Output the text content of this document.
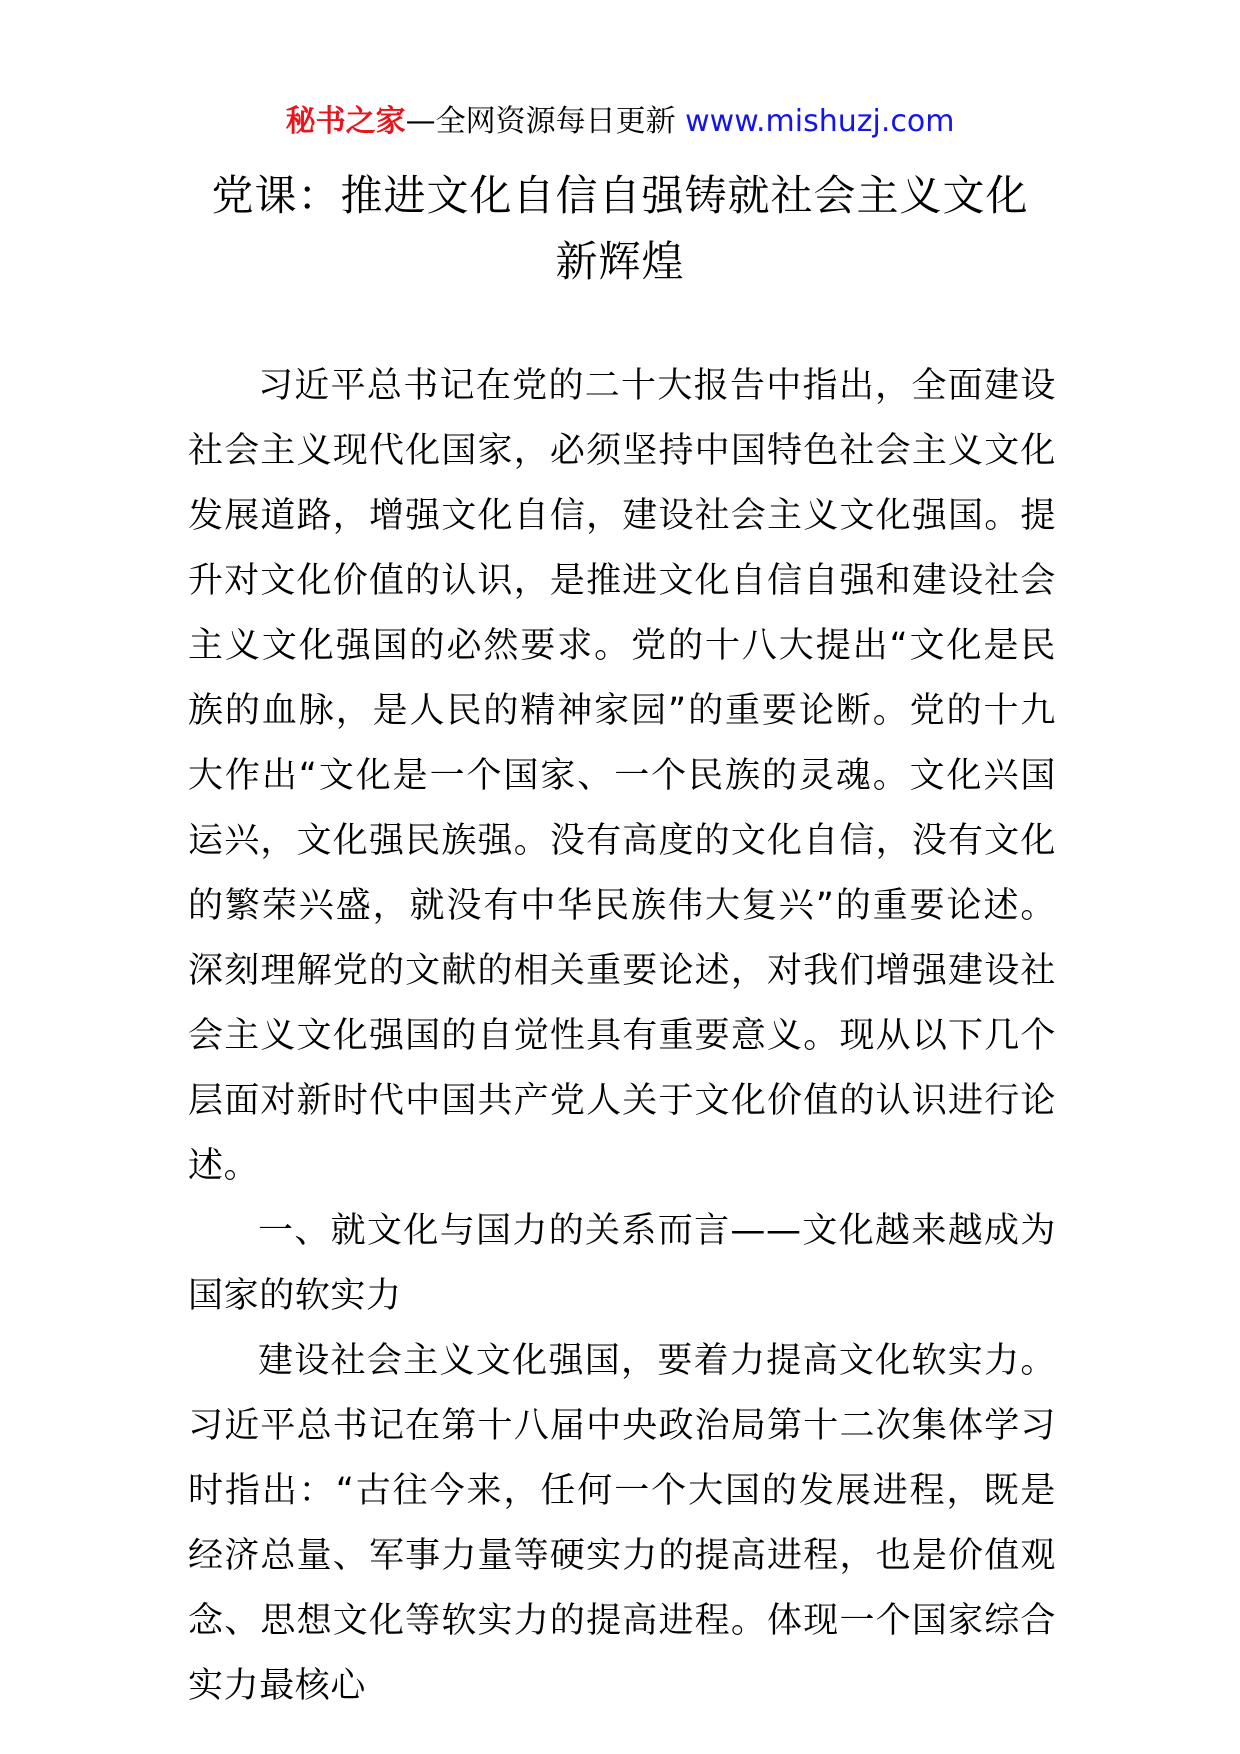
秘书之家—全网资源每日更新 www.mishuzj.com
党课：推进文化自信自强铸就社会主义文化
新辉煌

习近平总书记在党的二十大报告中指出，全面建设社会主义现代化国家，必须坚持中国特色社会主义文化发展道路，增强文化自信，建设社会主义文化强国。提升对文化价值的认识，是推进文化自信自强和建设社会主义文化强国的必然要求。党的十八大提出“文化是民族的血脉，是人民的精神家园”的重要论断。党的十九大作出“文化是一个国家、一个民族的灵魂。文化兴国运兴，文化强民族强。没有高度的文化自信，没有文化的繁荣兴盛，就没有中华民族伟大复兴”的重要论述。深刻理解党的文献的相关重要论述，对我们增强建设社会主义文化强国的自觉性具有重要意义。现从以下几个层面对新时代中国共产党人关于文化价值的认识进行论述。

一、就文化与国力的关系而言——文化越来越成为国家的软实力

建设社会主义文化强国，要着力提高文化软实力。习近平总书记在第十八届中央政治局第十二次集体学习时指出：“古往今来，任何一个大国的发展进程，既是经济总量、军事力量等硬实力的提高进程，也是价值观念、思想文化等软实力的提高进程。体现一个国家综合实力最核心
